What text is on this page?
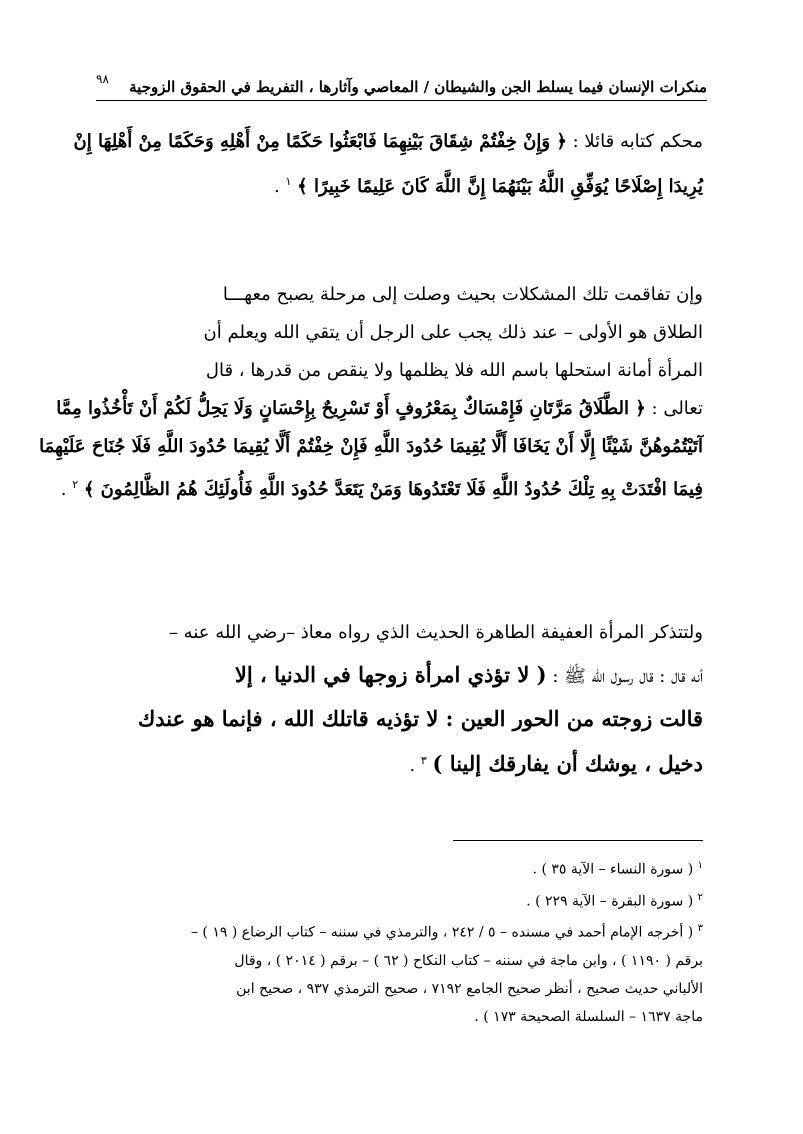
منكرات الإنسان فيما يسلط الجن والشيطان / المعاصي وآثارها ، التفريط في الحقوق الزوجية
٩٨
محكم كتابه قائلا : ﴿ وَإِنْ خِفْتُمْ شِقَاقَ بَيْنِهِمَا فَابْعَثُوا حَكَمًا مِنْ أَهْلِهِ وَحَكَمًا مِنْ أَهْلِهَا إِنْ
يُرِيدَا إِصْلَاحًا يُوَفِّقِ اللَّهُ بَيْنَهُمَا إِنَّ اللَّهَ كَانَ عَلِيمًا خَبِيرًا ﴾ $^١$ .
وإن تفاقمت تلك المشكلات بحيث وصلت إلى مرحلة يصبح معهـــا
الطلاق هو الأولى – عند ذلك يجب على الرجل أن يتقي الله ويعلم أن
المرأة أمانة استحلها باسم الله فلا يظلمها ولا ينقص من قدرها ، قال
تعالى : ﴿ الطَّلَاقُ مَرَّتَانِ فَإِمْسَاكٌ بِمَعْرُوفٍ أَوْ تَسْرِيحٌ بِإِحْسَانٍ وَلَا يَحِلُّ لَكُمْ أَنْ تَأْخُذُوا مِمَّا
آتَيْتُمُوهُنَّ شَيْئًا إِلَّا أَنْ يَخَافَا أَلَّا يُقِيمَا حُدُودَ اللَّهِ فَإِنْ خِفْتُمْ أَلَّا يُقِيمَا حُدُودَ اللَّهِ فَلَا جُنَاحَ عَلَيْهِمَا
فِيمَا افْتَدَتْ بِهِ تِلْكَ حُدُودُ اللَّهِ فَلَا تَعْتَدُوهَا وَمَنْ يَتَعَدَّ حُدُودَ اللَّهِ فَأُولَئِكَ هُمُ الظَّالِمُونَ ﴾ $^٢$ .
ولتتذكر المرأة العفيفة الطاهرة الحديث الذي رواه معاذ –رضي الله عنه –
أنه قال : قال رسول الله ﷺ : ( لا تؤذي امرأة زوجها في الدنيا ، إلا
قالت زوجته من الحور العين : لا تؤذيه قاتلك الله ، فإنما هو عندك
دخيل ، يوشك أن يفارقك إلينا ) $^٣$ .
$^١$ ( سورة النساء – الآية ٣٥ ) .
$^٢$ ( سورة البقرة – الآية ٢٢٩ ) .
$^٣$ ( أخرجه الإمام أحمد في مسنده – ٥ / ٢٤٢ ، والترمذي في سننه – كتاب الرضاع ( ١٩ ) –
برقم ( ١١٩٠ ) ، وابن ماجة في سننه – كتاب النكاح ( ٦٢ ) – برقم ( ٢٠١٤ ) ، وقال
الألباني حديث صحيح ، أنظر صحيح الجامع ٧١٩٢ ، صحيح الترمذي ٩٣٧ ، صحيح ابن
ماجة ١٦٣٧ – السلسلة الصحيحة ١٧٣ ) .
